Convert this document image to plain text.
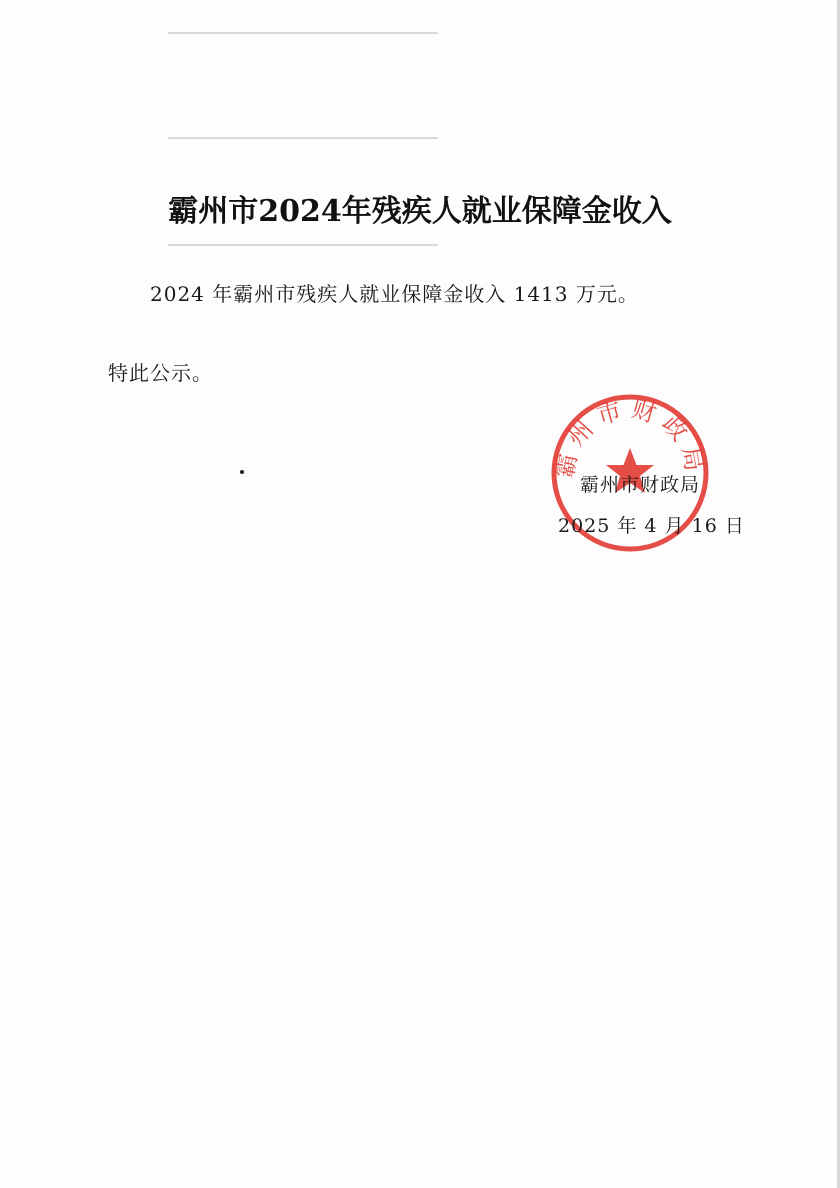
霸州市2024年残疾人就业保障金收入

2024 年霸州市残疾人就业保障金收入 1413 万元。

特此公示。

霸州市财政局

霸州市财政局

2025 年 4 月 16 日
